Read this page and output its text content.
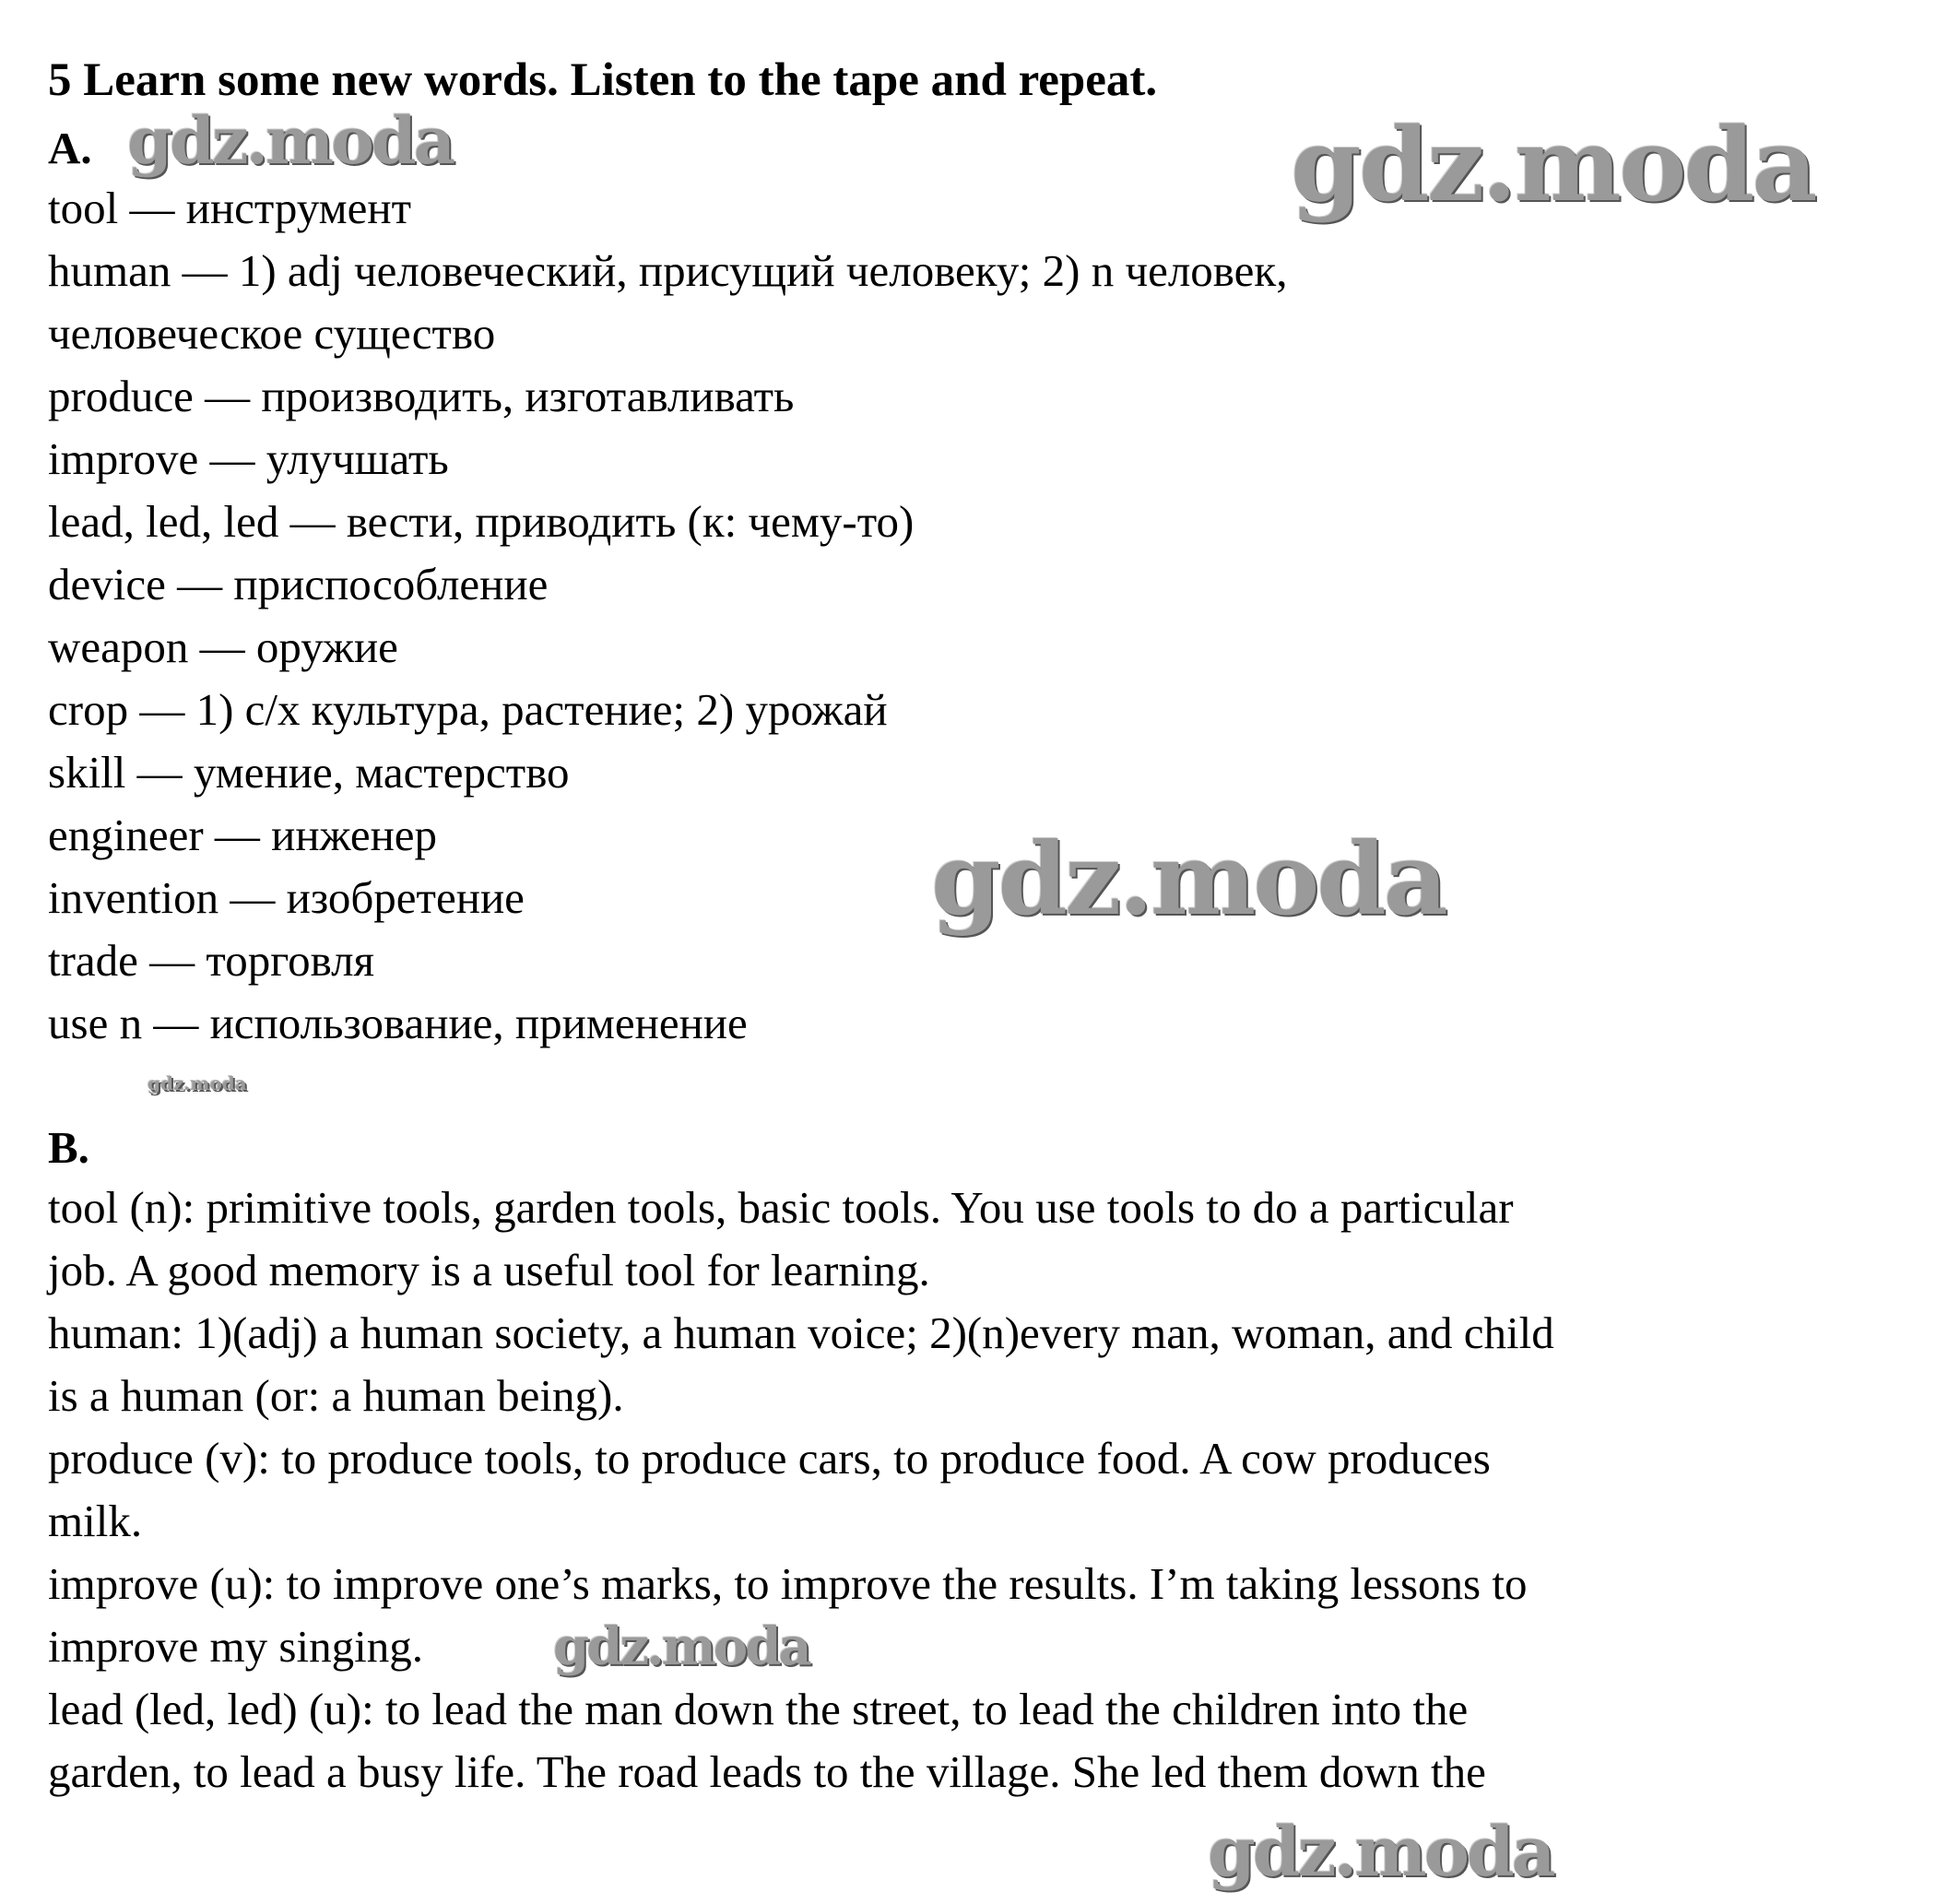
5 Learn some new words. Listen to the tape and repeat.
A.
tool — инструмент
human — 1) adj человеческий, присущий человеку; 2) n человек,
человеческое существо
produce — производить, изготавливать
improve — улучшать
lead, led, led — вести, приводить (к: чему-то)
device — приспособление
weapon — оружие
crop — 1) с/х культура, растение; 2) урожай
skill — умение, мастерство
engineer — инженер
invention — изобретение
trade — торговля
use n — использование, применение
B.
tool (n): primitive tools, garden tools, basic tools. You use tools to do a particular
job. A good memory is a useful tool for learning.
human: 1)(adj) a human society, a human voice; 2)(n)every man, woman, and child
is a human (or: a human being).
produce (v): to produce tools, to produce cars, to produce food. A cow produces
milk.
improve (u): to improve one’s marks, to improve the results. I’m taking lessons to
improve my singing.
lead (led, led) (u): to lead the man down the street, to lead the children into the
garden, to lead a busy life. The road leads to the village. She led them down the
gdz.moda	gdz.moda
gdz.moda
gdz.moda
gdz.moda
gdz.moda
